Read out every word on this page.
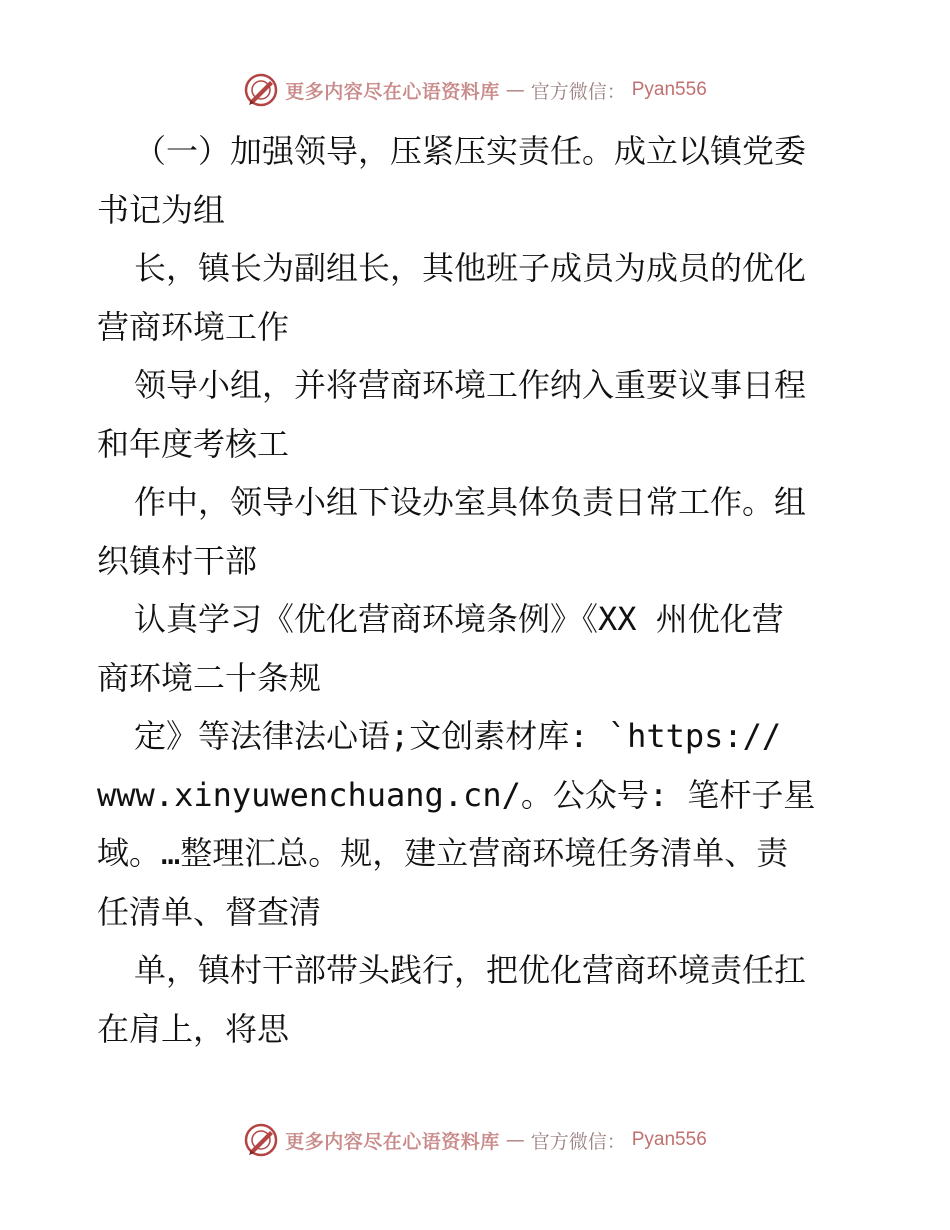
更多内容尽在心语资料库 — 官方微信： Pyan556
（一）加强领导，压紧压实责任。成立以镇党委
书记为组
长，镇长为副组长，其他班子成员为成员的优化
营商环境工作
领导小组，并将营商环境工作纳入重要议事日程
和年度考核工
作中，领导小组下设办室具体负责日常工作。组
织镇村干部
认真学习《优化营商环境条例》《XX 州优化营
商环境二十条规
定》等法律法心语;文创素材库: `https://
www.xinyuwenchuang.cn/。公众号: 笔杆子星
域。…整理汇总。规，建立营商环境任务清单、责
任清单、督查清
单，镇村干部带头践行，把优化营商环境责任扛
在肩上，将思
更多内容尽在心语资料库 — 官方微信： Pyan556
